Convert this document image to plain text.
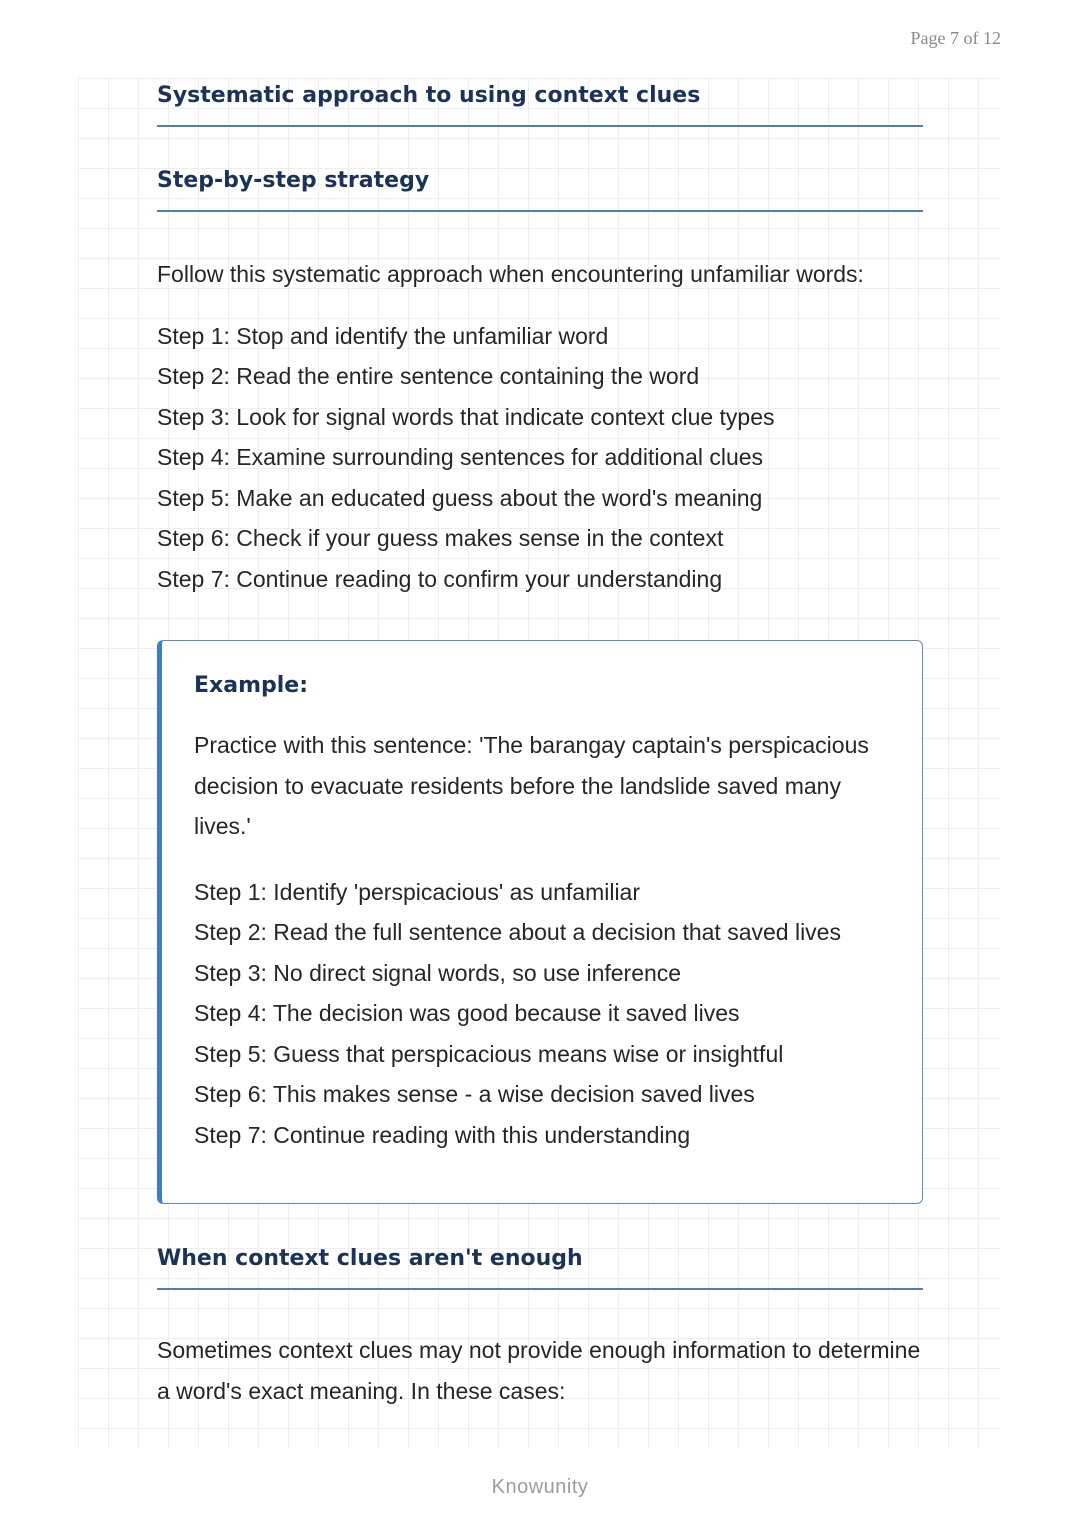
Page 7 of 12
Systematic approach to using context clues
Step-by-step strategy

Follow this systematic approach when encountering unfamiliar words:

Step 1: Stop and identify the unfamiliar word
Step 2: Read the entire sentence containing the word
Step 3: Look for signal words that indicate context clue types
Step 4: Examine surrounding sentences for additional clues
Step 5: Make an educated guess about the word's meaning
Step 6: Check if your guess makes sense in the context
Step 7: Continue reading to confirm your understanding
Example:

Practice with this sentence: 'The barangay captain's perspicacious decision to evacuate residents before the landslide saved many lives.'

Step 1: Identify 'perspicacious' as unfamiliar
Step 2: Read the full sentence about a decision that saved lives
Step 3: No direct signal words, so use inference
Step 4: The decision was good because it saved lives
Step 5: Guess that perspicacious means wise or insightful
Step 6: This makes sense - a wise decision saved lives
Step 7: Continue reading with this understanding
When context clues aren't enough

Sometimes context clues may not provide enough information to determine a word's exact meaning. In these cases:

Knowunity
